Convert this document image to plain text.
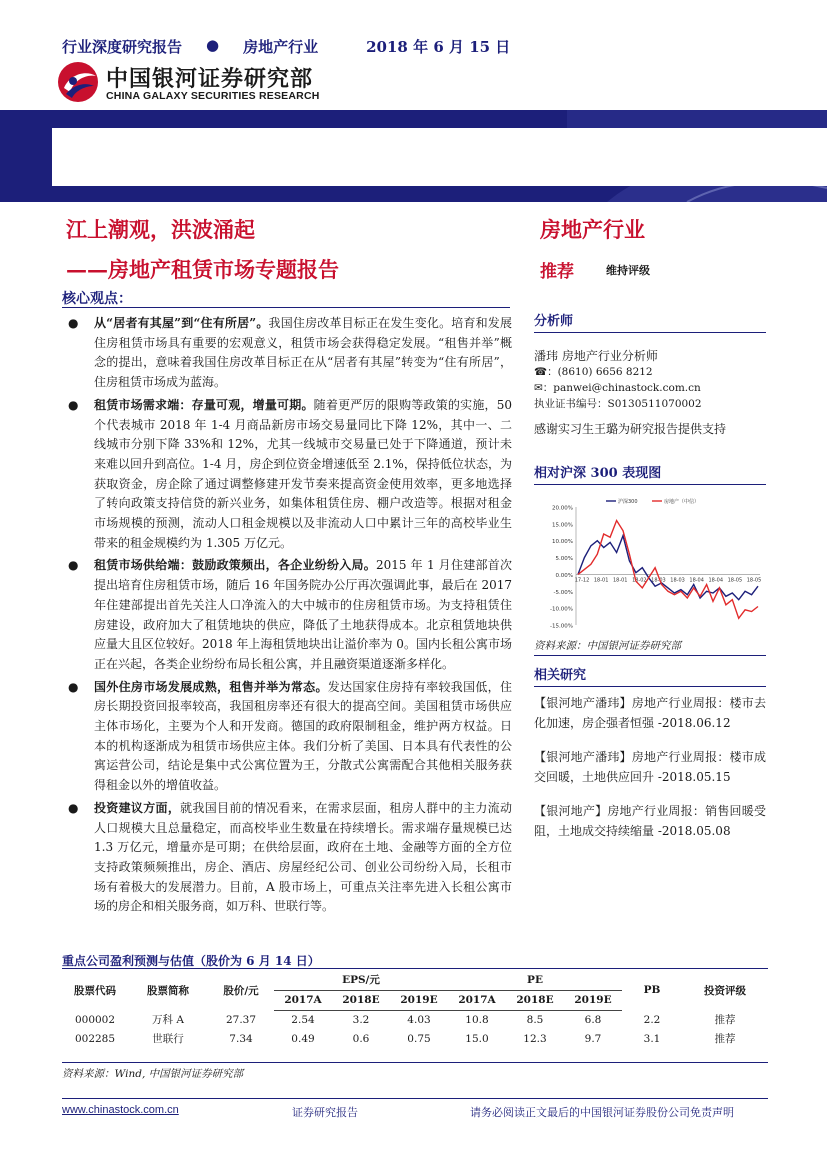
中国银河证券研究部
CHINA GALAXY SECURITIES RESEARCH
行业深度研究报告 ● 房地产行业	2018 年 6 月 15 日
江上潮观，洪波涌起
——房地产租赁市场专题报告
房地产行业
推荐	维持评级
核心观点：
● 从“居者有其屋”到“住有所居”。我国住房改革目标正在发生变化。培育和发展住房租赁市场具有重要的宏观意义，租赁市场会获得稳定发展。“租售并举”概念的提出，意味着我国住房改革目标正在从“居者有其屋”转变为“住有所居”，住房租赁市场成为蓝海。
● 租赁市场需求端：存量可观，增量可期。随着更严厉的限购等政策的实施，50 个代表城市 2018 年 1-4 月商品新房市场交易量同比下降 12%，其中一、二线城市分别下降 33%和 12%，尤其一线城市交易量已处于下降通道，预计未来难以回升到高位。1-4 月，房企到位资金增速低至 2.1%，保持低位状态，为获取资金，房企除了通过调整修建开发节奏来提高资金使用效率，更多地选择了转向政策支持信贷的新兴业务，如集体租赁住房、棚户改造等。根据对租金市场规模的预测，流动人口租金规模以及非流动人口中累计三年的高校毕业生带来的租金规模约为 1.305 万亿元。
● 租赁市场供给端：鼓励政策频出，各企业纷纷入局。2015 年 1 月住建部首次提出培育住房租赁市场，随后 16 年国务院办公厅再次强调此事，最后在 2017 年住建部提出首先关注人口净流入的大中城市的住房租赁市场。为支持租赁住房建设，政府加大了租赁地块的供应，降低了土地获得成本。北京租赁地块供应量大且区位较好。2018 年上海租赁地块出让溢价率为 0。国内长租公寓市场正在兴起，各类企业纷纷布局长租公寓，并且融资渠道逐渐多样化。
● 国外住房市场发展成熟，租售并举为常态。发达国家住房持有率较我国低，住房长期投资回报率较高，我国租房率还有很大的提高空间。美国租赁市场供应主体市场化，主要为个人和开发商。德国的政府限制租金，维护两方权益。日本的机构逐渐成为租赁市场供应主体。我们分析了美国、日本具有代表性的公寓运营公司，结论是集中式公寓位置为王，分散式公寓需配合其他相关服务获得租金以外的增值收益。
● 投资建议方面，就我国目前的情况看来，在需求层面，租房人群中的主力流动人口规模大且总量稳定，而高校毕业生数量在持续增长。需求端存量规模已达 1.3 万亿元，增量亦是可期；在供给层面，政府在土地、金融等方面的全方位支持政策频频推出，房企、酒店、房屋经纪公司、创业公司纷纷入局，长租市场有着极大的发展潜力。目前，A 股市场上，可重点关注率先进入长租公寓市场的房企和相关服务商，如万科、世联行等。
分析师
潘玮 房地产行业分析师
☎：(8610) 6656 8212
✉：panwei@chinastock.com.cn
执业证书编号：S0130511070002
感谢实习生王璐为研究报告提供支持
相对沪深 300 表现图
20.00%
15.00%
10.00%
5.00%
0.00%
-5.00%
-10.00%
-15.00%
17-12 18-01 18-01 18-02 18-03 18-03 18-04 18-04 18-05 18-05
沪深300	房地产（中信）
资料来源：中国银河证券研究部
相关研究
【银河地产潘玮】房地产行业周报：楼市去化加速，房企强者恒强 -2018.06.12
【银河地产潘玮】房地产行业周报：楼市成交回暖，土地供应回升 -2018.05.15
【银河地产】房地产行业周报：销售回暖受阻，土地成交持续缩量 -2018.05.08
重点公司盈利预测与估值（股价为 6 月 14 日）
股票代码	股票简称	股价/元	EPS/元			PE			PB	投资评级
			2017A	2018E	2019E	2017A	2018E	2019E		
000002	万科 A	27.37	2.54	3.2	4.03	10.8	8.5	6.8	2.2	推荐
002285	世联行	7.34	0.49	0.6	0.75	15.0	12.3	9.7	3.1	推荐
资料来源：Wind, 中国银河证券研究部
www.chinastock.com.cn	证券研究报告	请务必阅读正文最后的中国银河证券股份公司免责声明
